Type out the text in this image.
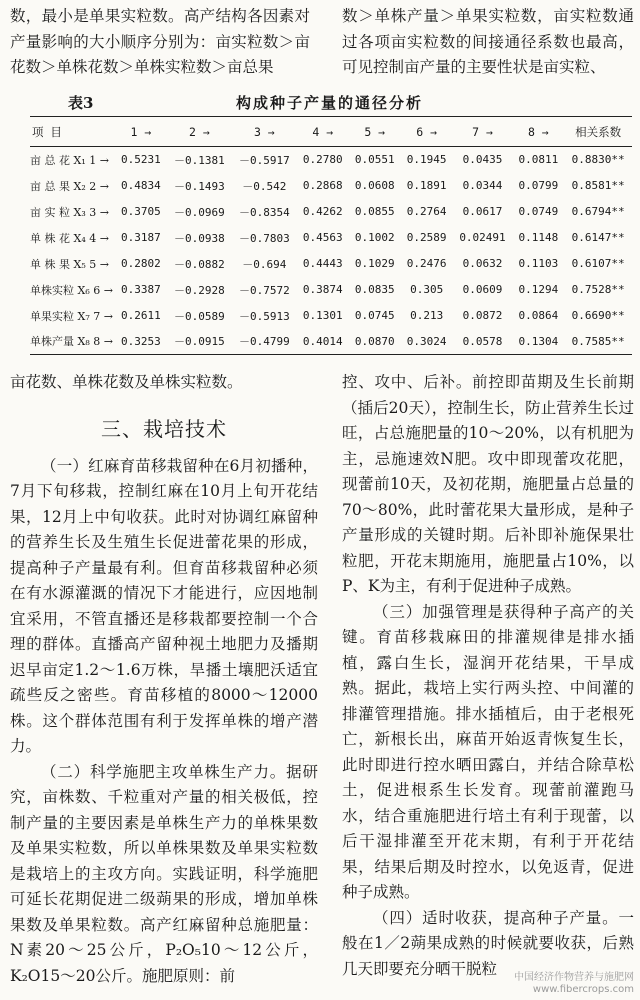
数，最小是单果实粒数。高产结构各因素对产量影响的大小顺序分别为：亩实粒数＞亩花数＞单株花数＞单株实粒数＞亩总果

数＞单株产量＞单果实粒数，亩实粒数通过各项亩实粒数的间接通径系数也最高，可见控制亩产量的主要性状是亩实粒、

表3	构成种子产量的通径分析
项 目	1 →	2 →	3 →	4 →	5 →	6 →	7 →	8 →	相关系数
亩 总 花 X₁ 1 →	0.5231	－0.1381	－0.5917	0.2780	0.0551	0.1945	0.0435	0.0811	0.8830**
亩 总 果 X₂ 2 →	0.4834	－0.1493	－0.542	0.2868	0.0608	0.1891	0.0344	0.0799	0.8581**
亩 实 粒 X₃ 3 →	0.3705	－0.0969	－0.8354	0.4262	0.0855	0.2764	0.0617	0.0749	0.6794**
单 株 花 X₄ 4 →	0.3187	－0.0938	－0.7803	0.4563	0.1002	0.2589	0.02491	0.1148	0.6147**
单 株 果 X₅ 5 →	0.2802	－0.0882	－0.694	0.4443	0.1029	0.2476	0.0632	0.1103	0.6107**
单株实粒 X₆ 6 →	0.3387	－0.2928	－0.7572	0.3874	0.0835	0.305	0.0609	0.1294	0.7528**
单果实粒 X₇ 7 →	0.2611	－0.0589	－0.5913	0.1301	0.0745	0.213	0.0872	0.0864	0.6690**
单株产量 X₈ 8 →	0.3253	－0.0915	－0.4799	0.4014	0.0870	0.3024	0.0578	0.1304	0.7585**

亩花数、单株花数及单株实粒数。

三、栽培技术

（一）红麻育苗移栽留种在6月初播种，7月下旬移栽，控制红麻在10月上旬开花结果，12月上中旬收获。此时对协调红麻留种的营养生长及生殖生长促进蕾花果的形成，提高种子产量最有利。但育苗移栽留种必须在有水源灌溉的情况下才能进行，应因地制宜采用，不管直播还是移栽都要控制一个合理的群体。直播高产留种视土地肥力及播期迟早亩定1.2～1.6万株，旱播土壤肥沃适宜疏些反之密些。育苗移植的8000～12000株。这个群体范围有利于发挥单株的增产潜力。

（二）科学施肥主攻单株生产力。据研究，亩株数、千粒重对产量的相关极低，控制产量的主要因素是单株生产力的单株果数及单果实粒数，所以单株果数及单果实粒数是栽培上的主攻方向。实践证明，科学施肥可延长花期促进二级蒴果的形成，增加单株果数及单果粒数。高产红麻留种总施肥量：N素20～25公斤，P₂O₅10～12公斤，K₂O15～20公斤。施肥原则：前

控、攻中、后补。前控即苗期及生长前期（插后20天），控制生长，防止营养生长过旺，占总施肥量的10～20%，以有机肥为主，忌施速效N肥。攻中即现蕾攻花肥，现蕾前10天，及初花期，施肥量占总量的70～80%，此时蕾花果大量形成，是种子产量形成的关键时期。后补即补施保果壮粒肥，开花末期施用，施肥量占10%，以P、K为主，有利于促进种子成熟。

（三）加强管理是获得种子高产的关键。育苗移栽麻田的排灌规律是排水插植，露白生长，湿润开花结果，干旱成熟。据此，栽培上实行两头控、中间灌的排灌管理措施。排水插植后，由于老根死亡，新根长出，麻苗开始返青恢复生长，此时即进行控水晒田露白，并结合除草松土，促进根系生长发育。现蕾前灌跑马水，结合重施肥进行培土有利于现蕾，以后干湿排灌至开花末期，有利于开花结果，结果后期及时控水，以免返青，促进种子成熟。

（四）适时收获，提高种子产量。一般在1／2蒴果成熟的时候就要收获，后熟几天即要充分晒干脱粒	中国经济作物营养与施肥网
www.fibercrops.com
